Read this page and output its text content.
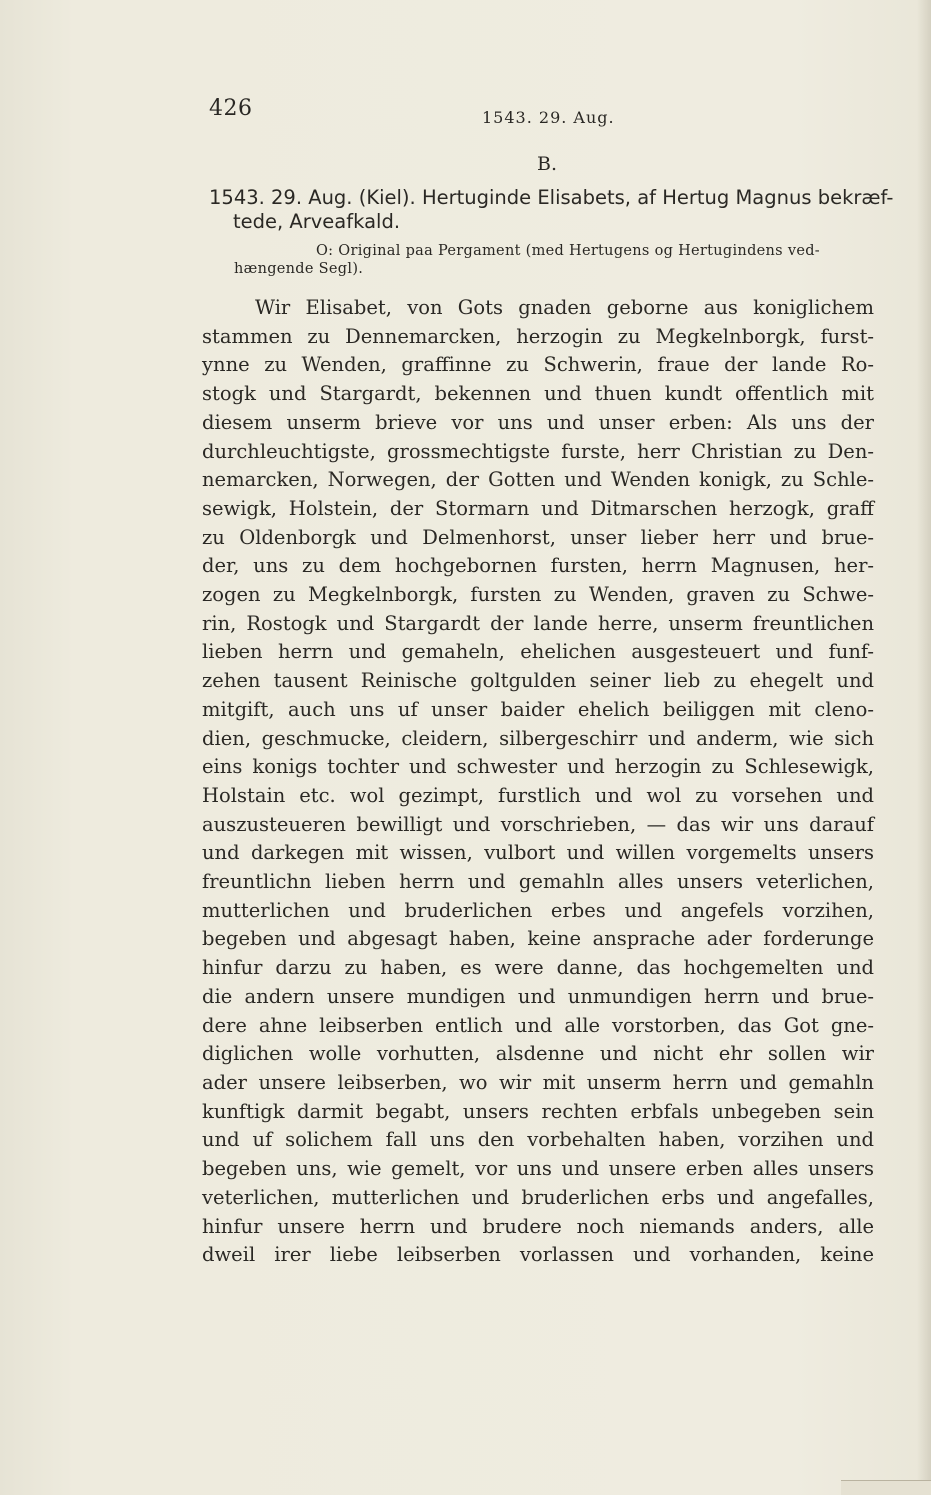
426	1543. 29. Aug.
B.
1543. 29. Aug. (Kiel). Hertuginde Elisabets, af Hertug Magnus bekræf-
tede, Arveafkald.
O: Original paa Pergament (med Hertugens og Hertugindens ved-
hængende Segl).
Wir Elisabet, von Gots gnaden geborne aus koniglichem
stammen zu Dennemarcken, herzogin zu Megkelnborgk, furst-
ynne zu Wenden, graffinne zu Schwerin, fraue der lande Ro-
stogk und Stargardt, bekennen und thuen kundt offentlich mit
diesem unserm brieve vor uns und unser erben: Als uns der
durchleuchtigste, grossmechtigste furste, herr Christian zu Den-
nemarcken, Norwegen, der Gotten und Wenden konigk, zu Schle-
sewigk, Holstein, der Stormarn und Ditmarschen herzogk, graff
zu Oldenborgk und Delmenhorst, unser lieber herr und brue-
der, uns zu dem hochgebornen fursten, herrn Magnusen, her-
zogen zu Megkelnborgk, fursten zu Wenden, graven zu Schwe-
rin, Rostogk und Stargardt der lande herre, unserm freuntlichen
lieben herrn und gemaheln, ehelichen ausgesteuert und funf-
zehen tausent Reinische goltgulden seiner lieb zu ehegelt und
mitgift, auch uns uf unser baider ehelich beiliggen mit cleno-
dien, geschmucke, cleidern, silbergeschirr und anderm, wie sich
eins konigs tochter und schwester und herzogin zu Schlesewigk,
Holstain etc. wol gezimpt, furstlich und wol zu vorsehen und
auszusteueren bewilligt und vorschrieben, — das wir uns darauf
und darkegen mit wissen, vulbort und willen vorgemelts unsers
freuntlichn lieben herrn und gemahln alles unsers veterlichen,
mutterlichen und bruderlichen erbes und angefels vorzihen,
begeben und abgesagt haben, keine ansprache ader forderunge
hinfur darzu zu haben, es were danne, das hochgemelten und
die andern unsere mundigen und unmundigen herrn und brue-
dere ahne leibserben entlich und alle vorstorben, das Got gne-
diglichen wolle vorhutten, alsdenne und nicht ehr sollen wir
ader unsere leibserben, wo wir mit unserm herrn und gemahln
kunftigk darmit begabt, unsers rechten erbfals unbegeben sein
und uf solichem fall uns den vorbehalten haben, vorzihen und
begeben uns, wie gemelt, vor uns und unsere erben alles unsers
veterlichen, mutterlichen und bruderlichen erbs und angefalles,
hinfur unsere herrn und brudere noch niemands anders, alle
dweil irer liebe leibserben vorlassen und vorhanden, keine
